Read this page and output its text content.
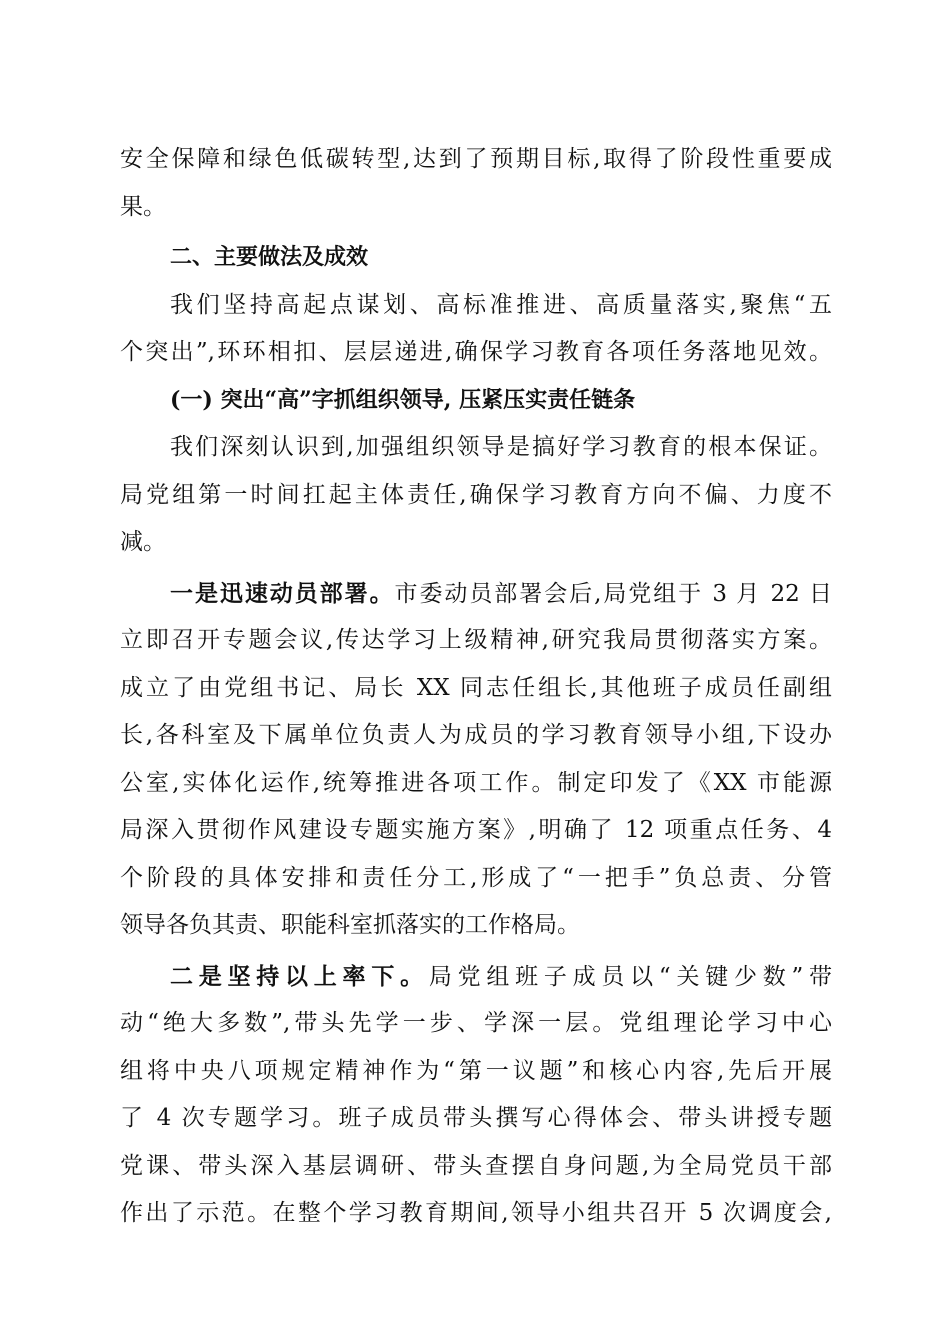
安全保障和绿色低碳转型,达到了预期目标,取得了阶段性重要成
果。
二、主要做法及成效
我们坚持高起点谋划、高标准推进、高质量落实,聚焦“五
个突出”,环环相扣、层层递进,确保学习教育各项任务落地见效。
(一) 突出“高”字抓组织领导, 压紧压实责任链条
我们深刻认识到,加强组织领导是搞好学习教育的根本保证。
局党组第一时间扛起主体责任,确保学习教育方向不偏、力度不
减。
一是迅速动员部署。市委动员部署会后,局党组于 3 月 22 日
立即召开专题会议,传达学习上级精神,研究我局贯彻落实方案。
成立了由党组书记、局长 XX 同志任组长,其他班子成员任副组
长,各科室及下属单位负责人为成员的学习教育领导小组,下设办
公室,实体化运作,统筹推进各项工作。制定印发了《XX 市能源
局深入贯彻作风建设专题实施方案》,明确了 12 项重点任务、4
个阶段的具体安排和责任分工,形成了“一把手”负总责、分管
领导各负其责、职能科室抓落实的工作格局。
二是坚持以上率下。局党组班子成员以“关键少数”带
动“绝大多数”,带头先学一步、学深一层。党组理论学习中心
组将中央八项规定精神作为“第一议题”和核心内容,先后开展
了 4 次专题学习。班子成员带头撰写心得体会、带头讲授专题
党课、带头深入基层调研、带头查摆自身问题,为全局党员干部
作出了示范。在整个学习教育期间,领导小组共召开 5 次调度会,
